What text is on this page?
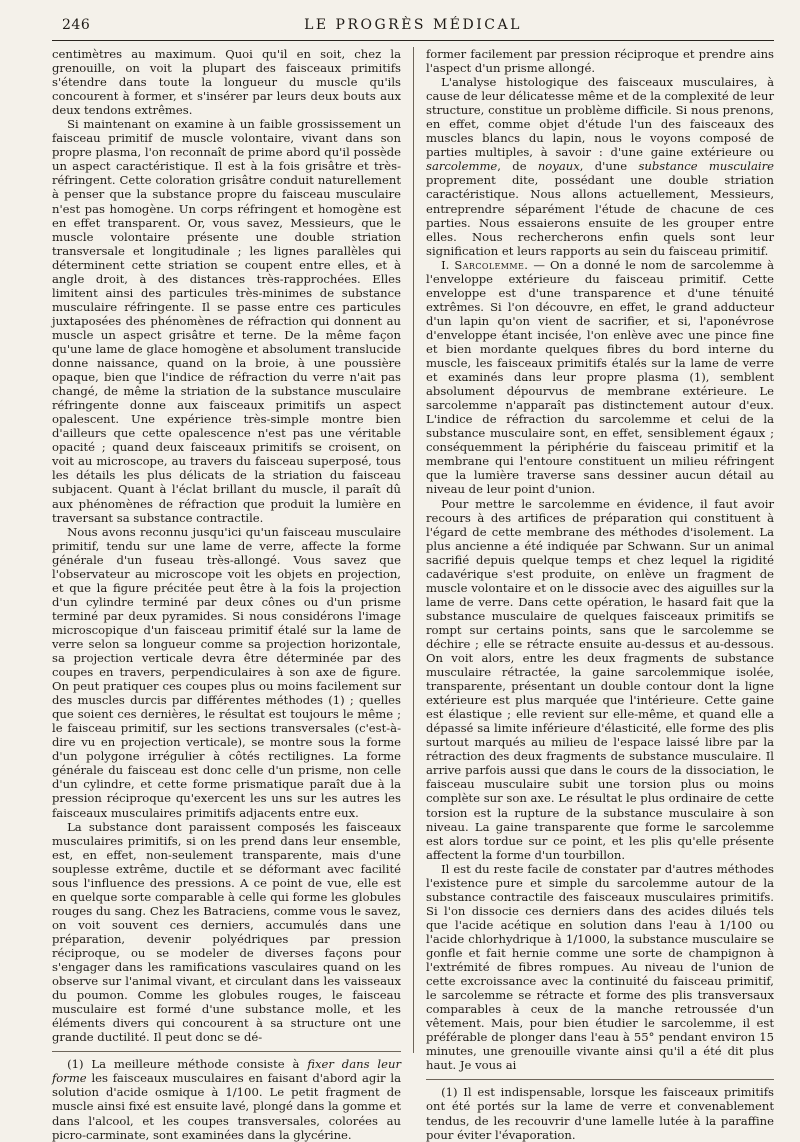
246	LE PROGRÈS MÉDICAL

centimètres au maximum. Quoi qu'il en soit, chez la grenouille, on voit la plupart des faisceaux primitifs s'étendre dans toute la longueur du muscle qu'ils concourent à former, et s'insérer par leurs deux bouts aux deux tendons extrêmes.

Si maintenant on examine à un faible grossissement un faisceau primitif de muscle volontaire, vivant dans son propre plasma, l'on reconnaît de prime abord qu'il possède un aspect caractéristique. Il est à la fois grisâtre et très-réfringent. Cette coloration grisâtre conduit naturellement à penser que la substance propre du faisceau musculaire n'est pas homogène. Un corps réfringent et homogène est en effet transparent. Or, vous savez, Messieurs, que le muscle volontaire présente une double striation transversale et longitudinale ; les lignes parallèles qui déterminent cette striation se coupent entre elles, et à angle droit, à des distances très-rapprochées. Elles limitent ainsi des particules très-minimes de substance musculaire réfringente. Il se passe entre ces particules juxtaposées des phénomènes de réfraction qui donnent au muscle un aspect grisâtre et terne. De la même façon qu'une lame de glace homogène et absolument translucide donne naissance, quand on la broie, à une poussière opaque, bien que l'indice de réfraction du verre n'ait pas changé, de même la striation de la substance musculaire réfringente donne aux faisceaux primitifs un aspect opalescent. Une expérience très-simple montre bien d'ailleurs que cette opalescence n'est pas une véritable opacité ; quand deux faisceaux primitifs se croisent, on voit au microscope, au travers du faisceau superposé, tous les détails les plus délicats de la striation du faisceau subjacent. Quant à l'éclat brillant du muscle, il paraît dû aux phénomènes de réfraction que produit la lumière en traversant sa substance contractile.

Nous avons reconnu jusqu'ici qu'un faisceau musculaire primitif, tendu sur une lame de verre, affecte la forme générale d'un fuseau très-allongé. Vous savez que l'observateur au microscope voit les objets en projection, et que la figure précitée peut être à la fois la projection d'un cylindre terminé par deux cônes ou d'un prisme terminé par deux pyramides. Si nous considérons l'image microscopique d'un faisceau primitif étalé sur la lame de verre selon sa longueur comme sa projection horizontale, sa projection verticale devra être déterminée par des coupes en travers, perpendiculaires à son axe de figure. On peut pratiquer ces coupes plus ou moins facilement sur des muscles durcis par différentes méthodes (1) ; quelles que soient ces dernières, le résultat est toujours le même ; le faisceau primitif, sur les sections transversales (c'est-à-dire vu en projection verticale), se montre sous la forme d'un polygone irrégulier à côtés rectilignes. La forme générale du faisceau est donc celle d'un prisme, non celle d'un cylindre, et cette forme prismatique paraît due à la pression réciproque qu'exercent les uns sur les autres les faisceaux musculaires primitifs adjacents entre eux.

La substance dont paraissent composés les faisceaux musculaires primitifs, si on les prend dans leur ensemble, est, en effet, non-seulement transparente, mais d'une souplesse extrême, ductile et se déformant avec facilité sous l'influence des pressions. A ce point de vue, elle est en quelque sorte comparable à celle qui forme les globules rouges du sang. Chez les Batraciens, comme vous le savez, on voit souvent ces derniers, accumulés dans une préparation, devenir polyédriques par pression réciproque, ou se modeler de diverses façons pour s'engager dans les ramifications vasculaires quand on les observe sur l'animal vivant, et circulant dans les vaisseaux du poumon. Comme les globules rouges, le faisceau musculaire est formé d'une substance molle, et les éléments divers qui concourent à sa structure ont une grande ductilité. Il peut donc se dé-

(1) La meilleure méthode consiste à fixer dans leur forme les faisceaux musculaires en faisant d'abord agir la solution d'acide osmique à 1/100. Le petit fragment de muscle ainsi fixé est ensuite lavé, plongé dans la gomme et dans l'alcool, et les coupes transversales, colorées au picro-carminate, sont examinées dans la glycérine.

former facilement par pression réciproque et prendre ains l'aspect d'un prisme allongé.

L'analyse histologique des faisceaux musculaires, à cause de leur délicatesse même et de la complexité de leur structure, constitue un problème difficile. Si nous prenons, en effet, comme objet d'étude l'un des faisceaux des muscles blancs du lapin, nous le voyons composé de parties multiples, à savoir : d'une gaine extérieure ou sarcolemme, de noyaux, d'une substance musculaire proprement dite, possédant une double striation caractéristique. Nous allons actuellement, Messieurs, entreprendre séparément l'étude de chacune de ces parties. Nous essaierons ensuite de les grouper entre elles. Nous rechercherons enfin quels sont leur signification et leurs rapports au sein du faisceau primitif.

I. Sarcolemme. — On a donné le nom de sarcolemme à l'enveloppe extérieure du faisceau primitif. Cette enveloppe est d'une transparence et d'une ténuité extrêmes. Si l'on découvre, en effet, le grand adducteur d'un lapin qu'on vient de sacrifier, et si, l'aponévrose d'enveloppe étant incisée, l'on enlève avec une pince fine et bien mordante quelques fibres du bord interne du muscle, les faisceaux primitifs étalés sur la lame de verre et examinés dans leur propre plasma (1), semblent absolument dépourvus de membrane extérieure. Le sarcolemme n'apparaît pas distinctement autour d'eux. L'indice de réfraction du sarcolemme et celui de la substance musculaire sont, en effet, sensiblement égaux ; conséquemment la périphérie du faisceau primitif et la membrane qui l'entoure constituent un milieu réfringent que la lumière traverse sans dessiner aucun détail au niveau de leur point d'union.

Pour mettre le sarcolemme en évidence, il faut avoir recours à des artifices de préparation qui constituent à l'égard de cette membrane des méthodes d'isolement. La plus ancienne a été indiquée par Schwann. Sur un animal sacrifié depuis quelque temps et chez lequel la rigidité cadavérique s'est produite, on enlève un fragment de muscle volontaire et on le dissocie avec des aiguilles sur la lame de verre. Dans cette opération, le hasard fait que la substance musculaire de quelques faisceaux primitifs se rompt sur certains points, sans que le sarcolemme se déchire ; elle se rétracte ensuite au-dessus et au-dessous. On voit alors, entre les deux fragments de substance musculaire rétractée, la gaine sarcolemmique isolée, transparente, présentant un double contour dont la ligne extérieure est plus marquée que l'intérieure. Cette gaine est élastique ; elle revient sur elle-même, et quand elle a dépassé sa limite inférieure d'élasticité, elle forme des plis surtout marqués au milieu de l'espace laissé libre par la rétraction des deux fragments de substance musculaire. Il arrive parfois aussi que dans le cours de la dissociation, le faisceau musculaire subit une torsion plus ou moins complète sur son axe. Le résultat le plus ordinaire de cette torsion est la rupture de la substance musculaire à son niveau. La gaine transparente que forme le sarcolemme est alors tordue sur ce point, et les plis qu'elle présente affectent la forme d'un tourbillon.

Il est du reste facile de constater par d'autres méthodes l'existence pure et simple du sarcolemme autour de la substance contractile des faisceaux musculaires primitifs. Si l'on dissocie ces derniers dans des acides dilués tels que l'acide acétique en solution dans l'eau à 1/100 ou l'acide chlorhydrique à 1/1000, la substance musculaire se gonfle et fait hernie comme une sorte de champignon à l'extrémité de fibres rompues. Au niveau de l'union de cette excroissance avec la continuité du faisceau primitif, le sarcolemme se rétracte et forme des plis transversaux comparables à ceux de la manche retroussée d'un vêtement. Mais, pour bien étudier le sarcolemme, il est préférable de plonger dans l'eau à 55° pendant environ 15 minutes, une grenouille vivante ainsi qu'il a été dit plus haut. Je vous ai

(1) Il est indispensable, lorsque les faisceaux primitifs ont été portés sur la lame de verre et convenablement tendus, de les recouvrir d'une lamelle lutée à la paraffine pour éviter l'évaporation.
